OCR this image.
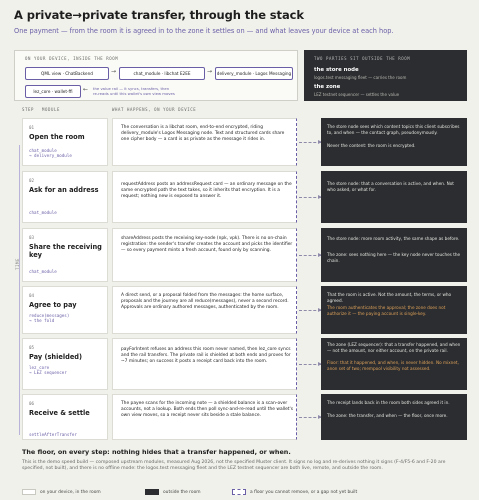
A private→private transfer, through the stack
One payment — from the room it is agreed in to the zone it settles on — and what leaves your device at each hop.
ON YOUR DEVICE, INSIDE THE ROOM
QML view · ChatBackend	→	chat_module · libchat E2EE	→	delivery_module · Logos Messaging
lez_core · wallet-ffi	← the value rail — it syncs, transfers, then
re-reads until this wallet's own view moves
TWO PARTIES SIT OUTSIDE THE ROOM
the store node
logos.test messaging fleet — carries the room
the zone
LEZ testnet sequencer — settles the value
STEP MODULE	WHAT HAPPENS, ON YOUR DEVICE
TIME
01
Open the room
chat_module
→ delivery_module
The conversation is a libchat room, end-to-end encrypted, riding delivery_module's Logos Messaging node. Text and structured cards share one cipher body — a card is as private as the message it rides in.
The store node sees which content topics this client subscribes to, and when — the contact graph, pseudonymously.
Never the content: the room is encrypted.
02
Ask for an address
chat_module
requestAddress posts an addressRequest card — an ordinary message on the same encrypted path the text takes, so it inherits that encryption. It is a request; nothing new is exposed to answer it.
The store node: that a conversation is active, and when. Not who asked, or what for.
03
Share the receiving key
chat_module
shareAddress posts the receiving key-node (npk, vpk). There is no on-chain registration: the sender's transfer creates the account and picks the identifier — so every payment mints a fresh account, found only by scanning.
The store node: more room activity, the same shape as before.
The zone: sees nothing here — the key node never touches the chain.
04
Agree to pay
reduce(messages)
→ the fold
A direct send, or a proposal folded from the messages: the home surface, proposals and the journey are all reduce(messages), never a second record. Approvals are ordinary authored messages, authenticated by the room.
That the room is active. Not the amount, the terms, or who agreed.
The room authenticates the approval; the zone does not authorize it — the paying account is single-key.
05
Pay (shielded)
lez_core
→ LEZ sequencer
payForIntent refuses an address this room never named, then lez_core syncs and the rail transfers. The private rail is shielded at both ends and proves for ~7 minutes; on success it posts a receipt card back into the room.
The zone (LEZ sequencer): that a transfer happened, and when — not the amount, nor either account, on the private rail.
Floor: that it happened, and when, is never hidden. No mixnet, anon set of two; mempool visibility not assessed.
06
Receive & settle
settleAfterTransfer
The payee scans for the incoming note — a shielded balance is a scan-over accounts, not a lookup. Both ends then poll sync-and-re-read until the wallet's own view moves, so a receipt never sits beside a stale balance.
The receipt lands back in the room both sides agreed it in.
The zone: the transfer, and when — the floor, once more.
The floor, on every step: nothing hides that a transfer happened, or when.
This is the demo speed build — composed upstream modules, measured Aug 2026, not the specified Muster client. It signs no log and re-derives nothing it signs (F-4/F5-6 and F-20 are specified, not built), and there is no offline mode: the logos.test messaging fleet and the LEZ testnet sequencer are both live, remote, and outside the room.
on your device, in the room	outside the room	a floor you cannot remove, or a gap not yet built
